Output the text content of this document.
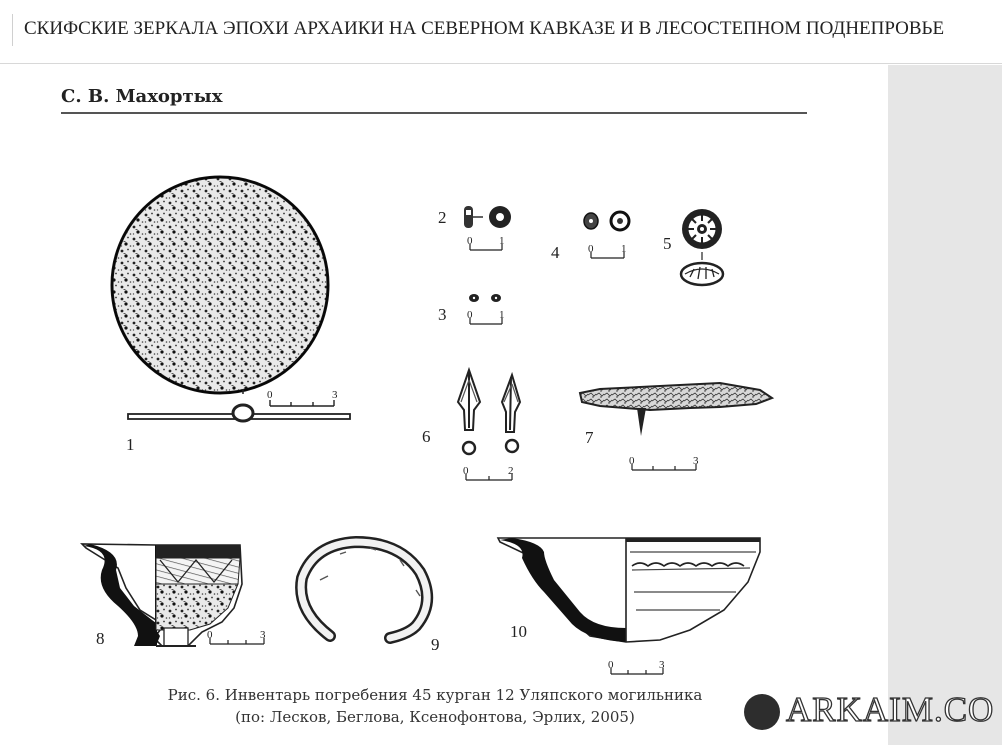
СКИФСКИЕ ЗЕРКАЛА ЭПОХИ АРХАИКИ НА СЕВЕРНОМ КАВКАЗЕ И В ЛЕСОСТЕПНОМ ПОДНЕПРОВЬЕ
С. В. Махортых
0	3
1
0 1
2
0 1
3
0	1
4	5
0	2
6
0	3
7
0	3
8	9
0	3
10
Рис. 6. Инвентарь погребения 45 курган 12 Уляпского могильника
(по: Лесков, Беглова, Ксенофонтова, Эрлих, 2005)	ARKAIM.CO
